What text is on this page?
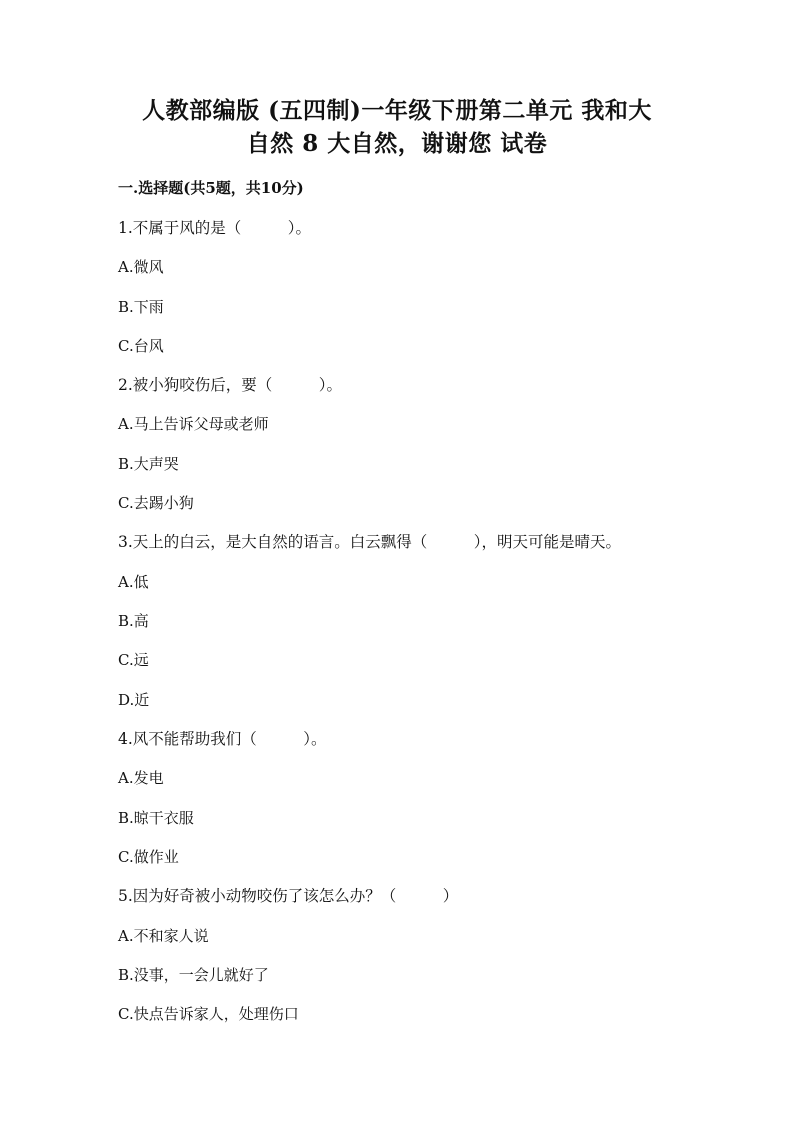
人教部编版 (五四制)一年级下册第二单元 我和大
自然 8 大自然，谢谢您 试卷
一.选择题(共5题，共10分)
1.不属于风的是（　　　）。
A.微风
B.下雨
C.台风
2.被小狗咬伤后，要（　　　）。
A.马上告诉父母或老师
B.大声哭
C.去踢小狗
3.天上的白云，是大自然的语言。白云飘得（　　　），明天可能是晴天。
A.低
B.高
C.远
D.近
4.风不能帮助我们（　　　）。
A.发电
B.晾干衣服
C.做作业
5.因为好奇被小动物咬伤了该怎么办？（　　　）
A.不和家人说
B.没事，一会儿就好了
C.快点告诉家人，处理伤口
